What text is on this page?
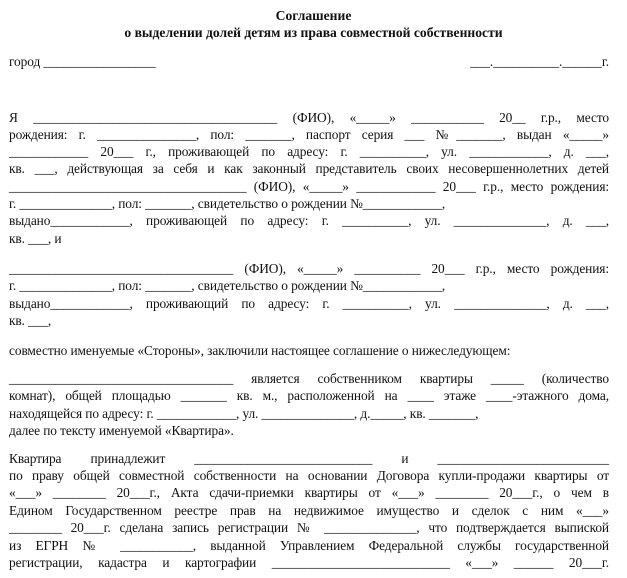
Соглашение
о выделении долей детям из права совместной собственности
город _________________	___.__________.______г.
Я _____________________________________ (ФИО), «_____» ___________ 20__ г.р., место
рождения: г. _______________, пол: _______, паспорт серия ___ №_______, выдан «_____»
____________ 20___ г., проживающей по адресу: г. __________, ул. ____________, д. ___,
кв. ___, действующая за себя и как законный представитель своих несовершеннолетних детей
____________________________________ (ФИО), «_____» ____________ 20___ г.р., место рождения:
г. ______________, пол: _______, свидетельство о рождении №____________,
выдано____________, проживающей по адресу: г. __________, ул. ______________, д. ___,
кв. ___, и
__________________________________ (ФИО), «_____» __________ 20___ г.р., место рождения:
г. ______________, пол: _______, свидетельство о рождении №____________,
выдано____________, проживающий по адресу: г. __________, ул. ______________, д. ___,
кв. ___,
совместно именуемые «Стороны», заключили настоящее соглашение о нижеследующем:
__________________________________ является собственником квартиры _____ (количество
комнат), общей площадью _______ кв. м., расположенной на ____ этаже ____-этажного дома,
находящейся по адресу: г. ____________, ул. ______________, д._____, кв. _______,
далее по тексту именуемой «Квартира».
Квартира принадлежит ___________________________ и __________________________
по праву общей совместной собственности на основании Договора купли-продажи квартиры от
«___» ________ 20___г., Акта сдачи-приемки квартиры от «___» ________ 20___г., о чем в
Едином Государственном реестре прав на недвижимое имущество и сделок с ним «___»
________ 20___г. сделана запись регистрации № ______________, что подтверждается выпиской
из ЕГРН № ___________, выданной Управлением Федеральной службы государственной
регистрации, кадастра и картографии ___________________________ «___» ______ 20___г.
